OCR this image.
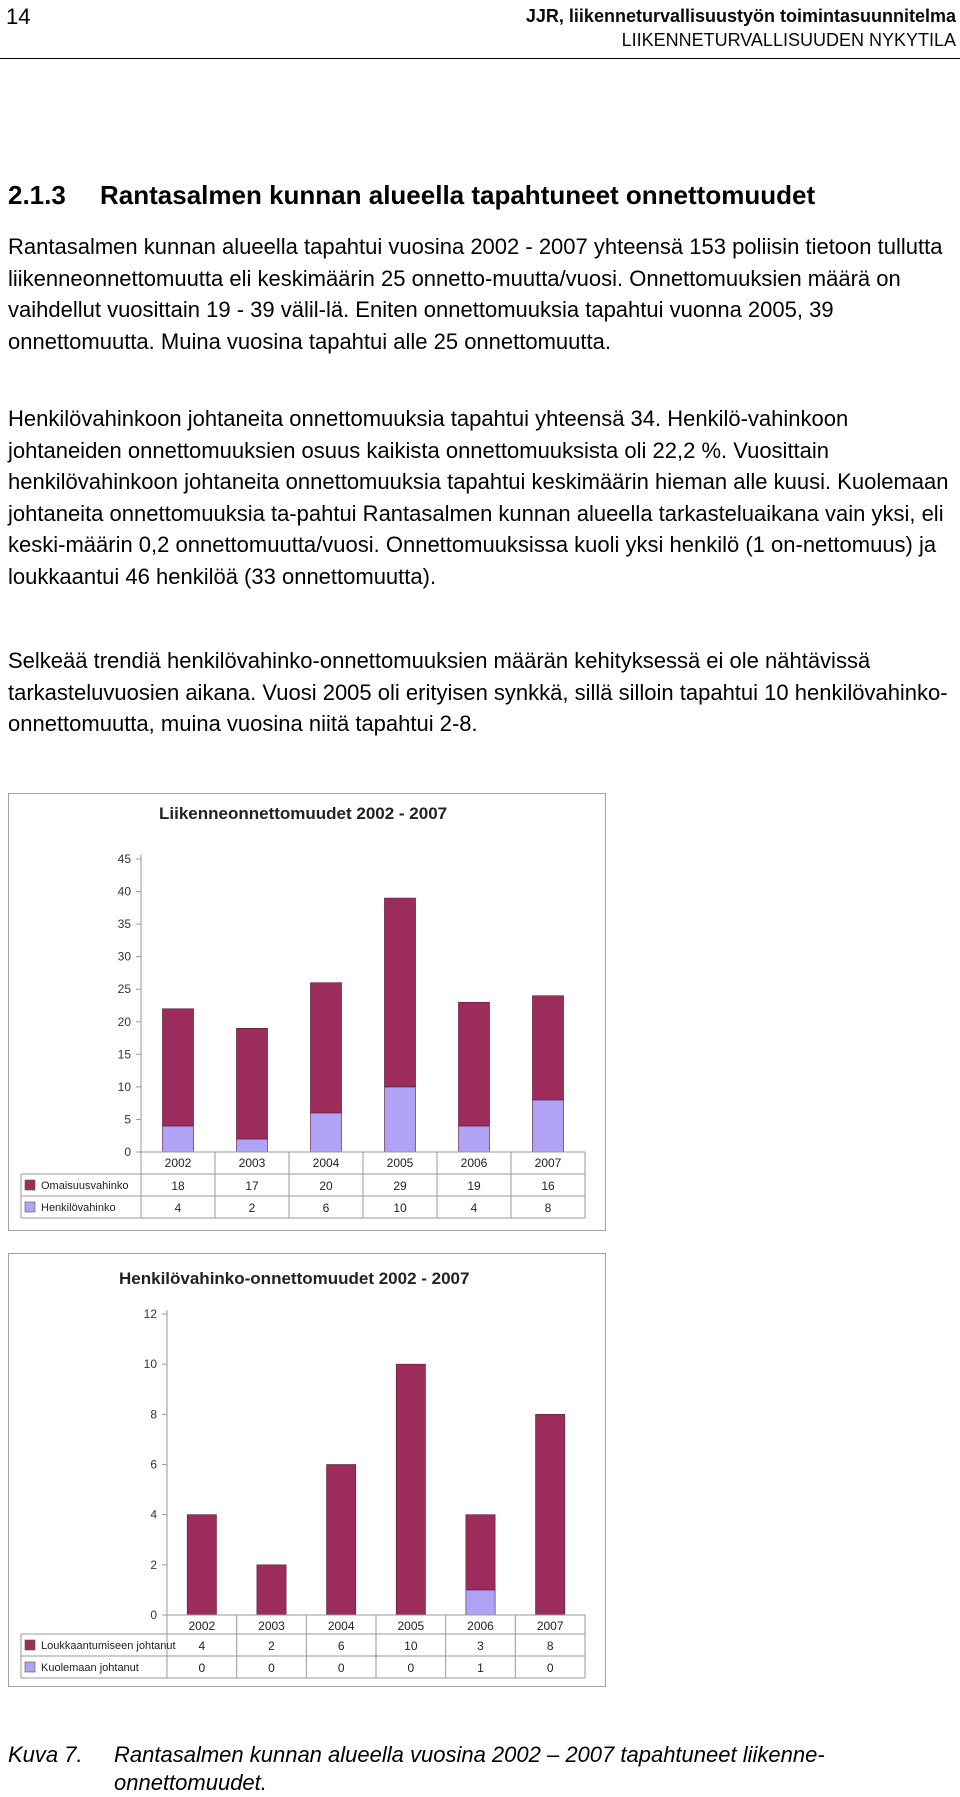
14	JJR, liikenneturvallisuustyön toimintasuunnitelma
LIIKENNETURVALLISUUDEN NYKYTILA
2.1.3 Rantasalmen kunnan alueella tapahtuneet onnettomuudet

Rantasalmen kunnan alueella tapahtui vuosina 2002 - 2007 yhteensä 153 poliisin tietoon tullutta liikenneonnettomuutta eli keskimäärin 25 onnetto-muutta/vuosi. Onnettomuuksien määrä on vaihdellut vuosittain 19 - 39 välil-lä. Eniten onnettomuuksia tapahtui vuonna 2005, 39 onnettomuutta. Muina vuosina tapahtui alle 25 onnettomuutta.

Henkilövahinkoon johtaneita onnettomuuksia tapahtui yhteensä 34. Henkilö-vahinkoon johtaneiden onnettomuuksien osuus kaikista onnettomuuksista oli 22,2 %. Vuosittain henkilövahinkoon johtaneita onnettomuuksia tapahtui keskimäärin hieman alle kuusi. Kuolemaan johtaneita onnettomuuksia ta-pahtui Rantasalmen kunnan alueella tarkasteluaikana vain yksi, eli keski-määrin 0,2 onnettomuutta/vuosi. Onnettomuuksissa kuoli yksi henkilö (1 on-nettomuus) ja loukkaantui 46 henkilöä (33 onnettomuutta).

Selkeää trendiä henkilövahinko-onnettomuuksien määrän kehityksessä ei ole nähtävissä tarkasteluvuosien aikana. Vuosi 2005 oli erityisen synkkä, sillä silloin tapahtui 10 henkilövahinko-onnettomuutta, muina vuosina niitä tapahtui 2-8.

Liikenneonnettomuudet 2002 - 2007
0
5
10
15
20
25
30
35
40
45
2002	2003	2004	2005	2006	2007
Omaisuusvahinko	18	17	20	29	19	16
Henkilövahinko	4	2	6	10	4	8
Henkilövahinko-onnettomuudet 2002 - 2007
0
2
4
6
8
10
12
2002	2003	2004	2005	2006	2007
Loukkaantumiseen johtanut 4	2	6	10	3	8
Kuolemaan johtanut	0	0	0	0	1	0
Kuva 7. Rantasalmen kunnan alueella vuosina 2002 – 2007 tapahtuneet liikenne-onnettomuudet.
